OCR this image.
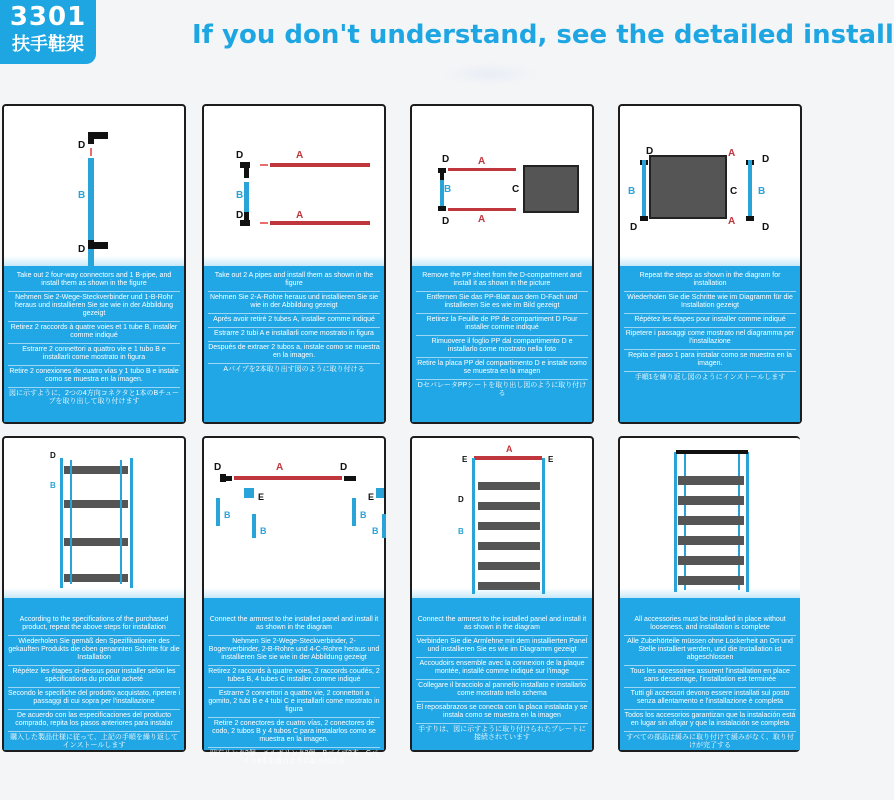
3301
扶手鞋架	If you don't understand, see the detailed install
D
B
D
Take out 2 four-way connectors and 1 B-pipe, and install them as shown in the figure
Nehmen Sie 2-Wege-Steckverbinder und 1-B-Rohr heraus und installieren Sie sie wie in der Abbildung gezeigt
Retirez 2 raccords à quatre voies et 1 tube B, installer comme indiqué
Estrarre 2 connettori a quattro vie e 1 tubo B e installarli come mostrato in figura
Retire 2 conexiones de cuatro vías y 1 tubo B e instale como se muestra en la imagen.
図に示すように、2つの4方向コネクタと1本のBチューブを取り出して取り付けます
D	A
B
D	A
Take out 2 A pipes and install them as shown in the figure
Nehmen Sie 2-A-Rohre heraus und installieren Sie sie wie in der Abbildung gezeigt
Après avoir retiré 2 tubes A, installer comme indiqué
Estrarre 2 tubi A e installarli come mostrato in figura
Después de extraer 2 tubos a, instale como se muestra en la imagen.
Aパイプを2本取り出す図のように取り付ける
D	A
B	C
D	A
Remove the PP sheet from the D-compartment and install it as shown in the picture
Entfernen Sie das PP-Blatt aus dem D-Fach und installieren Sie es wie im Bild gezeigt
Retirez la Feuille de PP de compartiment D Pour installer comme indiqué
Rimuovere il foglio PP dal compartimento D e installarlo come mostrato nella foto
Retire la placa PP del compartimento D e instale como se muestra en la imagen
DセパレータPPシートを取り出し図のように取り付ける
D	A
D
B	C B
D
A
D
Repeat the steps as shown in the diagram for installation
Wiederholen Sie die Schritte wie im Diagramm für die Installation gezeigt
Répétez les étapes pour installer comme indiqué
Ripetere i passaggi come mostrato nel diagramma per l'installazione
Repita el paso 1 para instalar como se muestra en la imagen.
手順1を繰り返し図のようにインストールします
D
B
According to the specifications of the purchased product, repeat the above steps for installation
Wiederholen Sie gemäß den Spezifikationen des gekauften Produkts die oben genannten Schritte für die Installation
Répétez les étapes ci-dessus pour installer selon les spécifications du produit acheté
Secondo le specifiche del prodotto acquistato, ripetere i passaggi di cui sopra per l'installazione
De acuerdo con las especificaciones del producto comprado, repita los pasos anteriores para instalar
購入した製品仕様に従って、上記の手順を繰り返してインストールします
D	A	D
E	E
B
B
B
B
Connect the armrest to the installed panel and install it as shown in the diagram
Nehmen Sie 2-Wege-Steckverbinder, 2-Bogenverbinder, 2-B-Rohre und 4-C-Rohre heraus und installieren Sie sie wie in der Abbildung gezeigt
Retirez 2 raccords à quatre voies, 2 raccords coudés, 2 tubes B, 4 tubes C installer comme indiqué
Estrarre 2 connettori a quattro vie, 2 connettori a gomito, 2 tubi B e 4 tubi C e installarli come mostrato in figura
Retire 2 conectores de cuatro vías, 2 conectores de codo, 2 tubos B y 4 tubos C para instalarlos como se muestra en la imagen.
四方リンク2個、エルボリンク2個、Bパイプ2本、Cパイプ4本を図のように取り付ける
E
A
E
D
B
Connect the armrest to the installed panel and install it as shown in the diagram
Verbinden Sie die Armlehne mit dem installierten Panel und installieren Sie es wie im Diagramm gezeigt
Accoudoirs ensemble avec la connexion de la plaque montée, installé comme indiqué sur l'image
Collegare il bracciolo al pannello installato e installarlo come mostrato nello schema
El reposabrazos se conecta con la placa instalada y se instala como se muestra en la imagen
手すりは、図に示すように取り付けられたプレートに接続されています
All accessories must be installed in place without looseness, and installation is complete
Alle Zubehörteile müssen ohne Lockerheit an Ort und Stelle installiert werden, und die Installation ist abgeschlossen
Tous les accessoires assurent l'installation en place sans desserrage, l'installation est terminée
Tutti gli accessori devono essere installati sul posto senza allentamento e l'installazione è completa
Todos los accesorios garantizan que la instalación está en lugar sin aflojar y que la instalación se completa
すべての部品は緩みに取り付けて緩みがなく、取り付けが完了する
